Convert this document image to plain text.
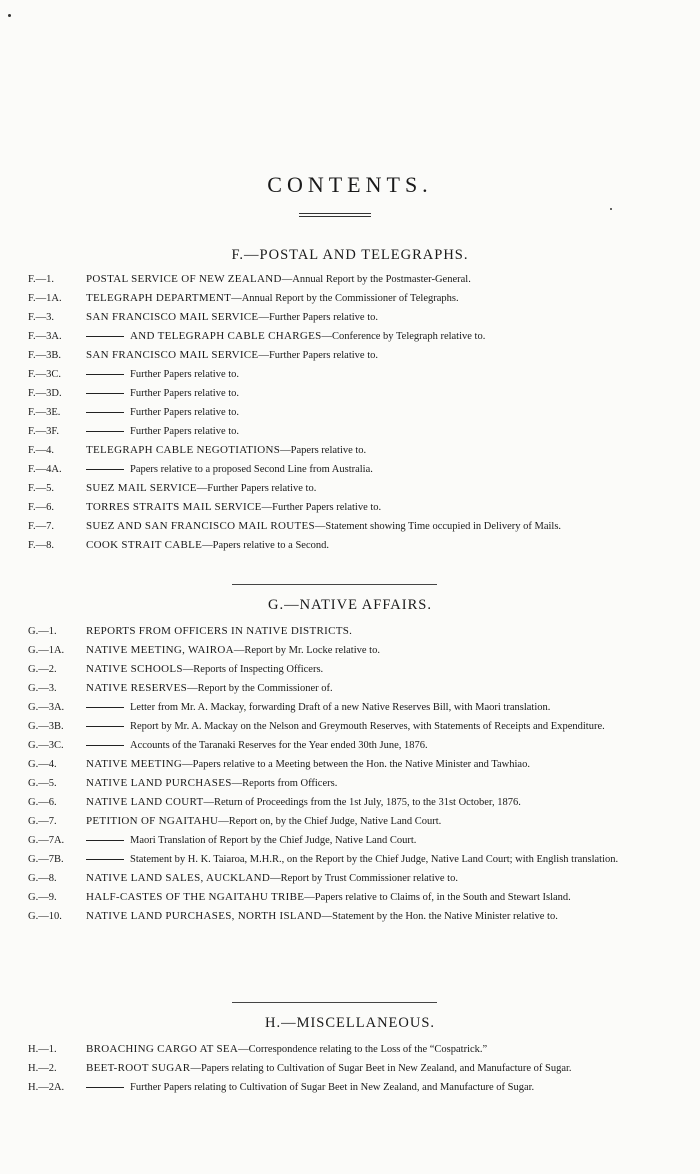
CONTENTS.
F.—POSTAL AND TELEGRAPHS.
F.—1.	POSTAL SERVICE OF NEW ZEALAND—Annual Report by the Postmaster-General.
F.—1A.	TELEGRAPH DEPARTMENT—Annual Report by the Commissioner of Telegraphs.
F.—3.	SAN FRANCISCO MAIL SERVICE—Further Papers relative to.
F.—3A.	AND TELEGRAPH CABLE CHARGES—Conference by Telegraph relative to.
F.—3B.	SAN FRANCISCO MAIL SERVICE—Further Papers relative to.
F.—3C.	Further Papers relative to.
F.—3D.	Further Papers relative to.
F.—3E.	Further Papers relative to.
F.—3F.	Further Papers relative to.
F.—4.	TELEGRAPH CABLE NEGOTIATIONS—Papers relative to.
F.—4A.	Papers relative to a proposed Second Line from Australia.
F.—5.	SUEZ MAIL SERVICE—Further Papers relative to.
F.—6.	TORRES STRAITS MAIL SERVICE—Further Papers relative to.
F.—7.	SUEZ AND SAN FRANCISCO MAIL ROUTES—Statement showing Time occupied in Delivery of Mails.
F.—8.	COOK STRAIT CABLE—Papers relative to a Second.
G.—NATIVE AFFAIRS.
G.—1.	REPORTS FROM OFFICERS IN NATIVE DISTRICTS.
G.—1A.	NATIVE MEETING, WAIROA—Report by Mr. Locke relative to.
G.—2.	NATIVE SCHOOLS—Reports of Inspecting Officers.
G.—3.	NATIVE RESERVES—Report by the Commissioner of.
G.—3A.	Letter from Mr. A. Mackay, forwarding Draft of a new Native Reserves Bill, with Maori translation.
G.—3B.	Report by Mr. A. Mackay on the Nelson and Greymouth Reserves, with Statements of Receipts and Expenditure.
G.—3C.	Accounts of the Taranaki Reserves for the Year ended 30th June, 1876.
G.—4.	NATIVE MEETING—Papers relative to a Meeting between the Hon. the Native Minister and Tawhiao.
G.—5.	NATIVE LAND PURCHASES—Reports from Officers.
G.—6.	NATIVE LAND COURT—Return of Proceedings from the 1st July, 1875, to the 31st October, 1876.
G.—7.	PETITION OF NGAITAHU—Report on, by the Chief Judge, Native Land Court.
G.—7A.	Maori Translation of Report by the Chief Judge, Native Land Court.
G.—7B.	Statement by H. K. Taiaroa, M.H.R., on the Report by the Chief Judge, Native Land Court; with English translation.
G.—8.	NATIVE LAND SALES, AUCKLAND—Report by Trust Commissioner relative to.
G.—9.	HALF-CASTES OF THE NGAITAHU TRIBE—Papers relative to Claims of, in the South and Stewart Island.
G.—10.	NATIVE LAND PURCHASES, NORTH ISLAND—Statement by the Hon. the Native Minister relative to.
H.—MISCELLANEOUS.
H.—1.	BROACHING CARGO AT SEA—Correspondence relating to the Loss of the “Cospatrick.”
H.—2.	BEET-ROOT SUGAR—Papers relating to Cultivation of Sugar Beet in New Zealand, and Manufacture of Sugar.
H.—2A.	Further Papers relating to Cultivation of Sugar Beet in New Zealand, and Manufacture of Sugar.
